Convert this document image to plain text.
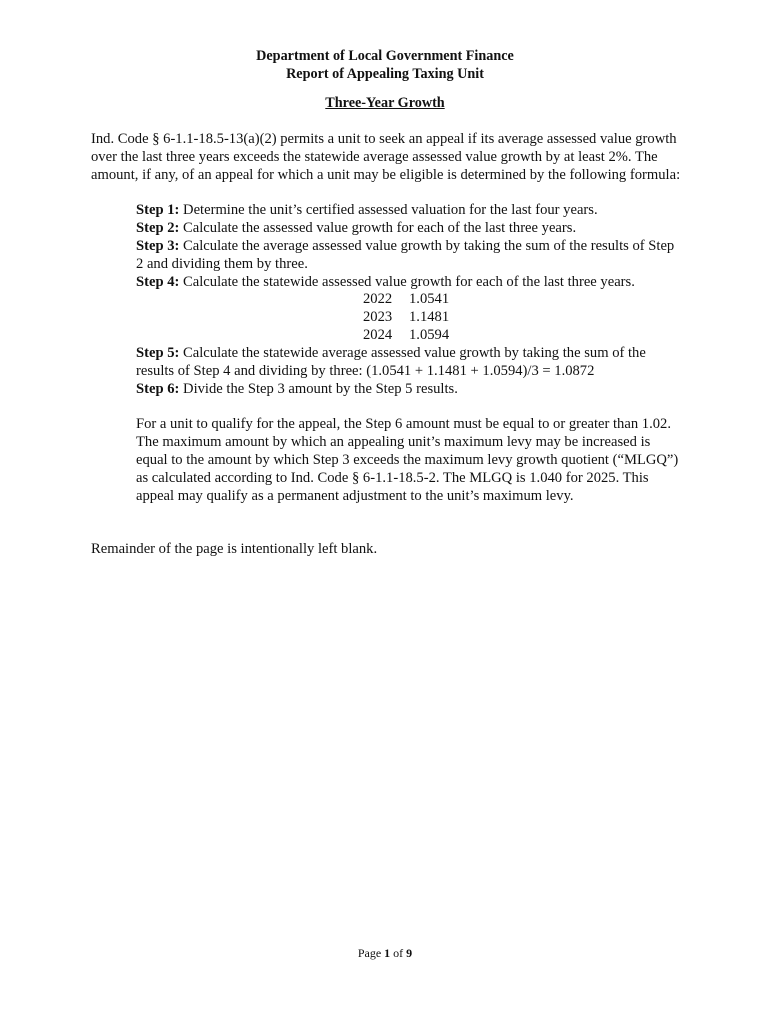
Department of Local Government Finance
Report of Appealing Taxing Unit
Three-Year Growth

Ind. Code § 6-1.1-18.5-13(a)(2) permits a unit to seek an appeal if its average assessed value growth over the last three years exceeds the statewide average assessed value growth by at least 2%. The amount, if any, of an appeal for which a unit may be eligible is determined by the following formula:

Step 1: Determine the unit’s certified assessed valuation for the last four years.
Step 2: Calculate the assessed value growth for each of the last three years.
Step 3: Calculate the average assessed value growth by taking the sum of the results of Step 2 and dividing them by three.
Step 4: Calculate the statewide assessed value growth for each of the last three years.
2022	1.0541
2023	1.1481
2024	1.0594
Step 5: Calculate the statewide average assessed value growth by taking the sum of the results of Step 4 and dividing by three: (1.0541 + 1.1481 + 1.0594)/3 = 1.0872
Step 6: Divide the Step 3 amount by the Step 5 results.

For a unit to qualify for the appeal, the Step 6 amount must be equal to or greater than 1.02. The maximum amount by which an appealing unit’s maximum levy may be increased is equal to the amount by which Step 3 exceeds the maximum levy growth quotient (“MLGQ”) as calculated according to Ind. Code § 6-1.1-18.5-2. The MLGQ is 1.040 for 2025. This appeal may qualify as a permanent adjustment to the unit’s maximum levy.

Remainder of the page is intentionally left blank.

Page 1 of 9
